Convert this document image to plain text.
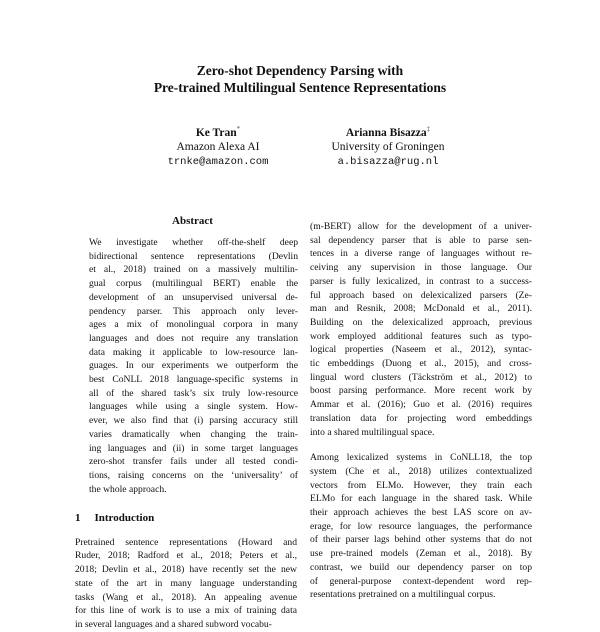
Zero-shot Dependency Parsing with
Pre-trained Multilingual Sentence Representations
Ke Tran*
Amazon Alexa AI
trnke@amazon.com
Arianna Bisazza‡
University of Groningen
a.bisazza@rug.nl
Abstract
We investigate whether off-the-shelf deep
bidirectional sentence representations (Devlin
et al., 2018) trained on a massively multilin-
gual corpus (multilingual BERT) enable the
development of an unsupervised universal de-
pendency parser. This approach only lever-
ages a mix of monolingual corpora in many
languages and does not require any translation
data making it applicable to low-resource lan-
guages. In our experiments we outperform the
best CoNLL 2018 language-specific systems in
all of the shared task’s six truly low-resource
languages while using a single system. How-
ever, we also find that (i) parsing accuracy still
varies dramatically when changing the train-
ing languages and (ii) in some target languages
zero-shot transfer fails under all tested condi-
tions, raising concerns on the ‘universality’ of
the whole approach.
1 Introduction
Pretrained sentence representations (Howard and
Ruder, 2018; Radford et al., 2018; Peters et al.,
2018; Devlin et al., 2018) have recently set the new
state of the art in many language understanding
tasks (Wang et al., 2018). An appealing avenue
for this line of work is to use a mix of training data
in several languages and a shared subword vocabu-
(m-BERT) allow for the development of a univer-
sal dependency parser that is able to parse sen-
tences in a diverse range of languages without re-
ceiving any supervision in those language. Our
parser is fully lexicalized, in contrast to a success-
ful approach based on delexicalized parsers (Ze-
man and Resnik, 2008; McDonald et al., 2011).
Building on the delexicalized approach, previous
work employed additional features such as typo-
logical properties (Naseem et al., 2012), syntac-
tic embeddings (Duong et al., 2015), and cross-
lingual word clusters (Täckström et al., 2012) to
boost parsing performance. More recent work by
Ammar et al. (2016); Guo et al. (2016) requires
translation data for projecting word embeddings
into a shared multilingual space.
Among lexicalized systems in CoNLL18, the top
system (Che et al., 2018) utilizes contextualized
vectors from ELMo. However, they train each
ELMo for each language in the shared task. While
their approach achieves the best LAS score on av-
erage, for low resource languages, the performance
of their parser lags behind other systems that do not
use pre-trained models (Zeman et al., 2018). By
contrast, we build our dependency parser on top
of general-purpose context-dependent word rep-
resentations pretrained on a multilingual corpus.
